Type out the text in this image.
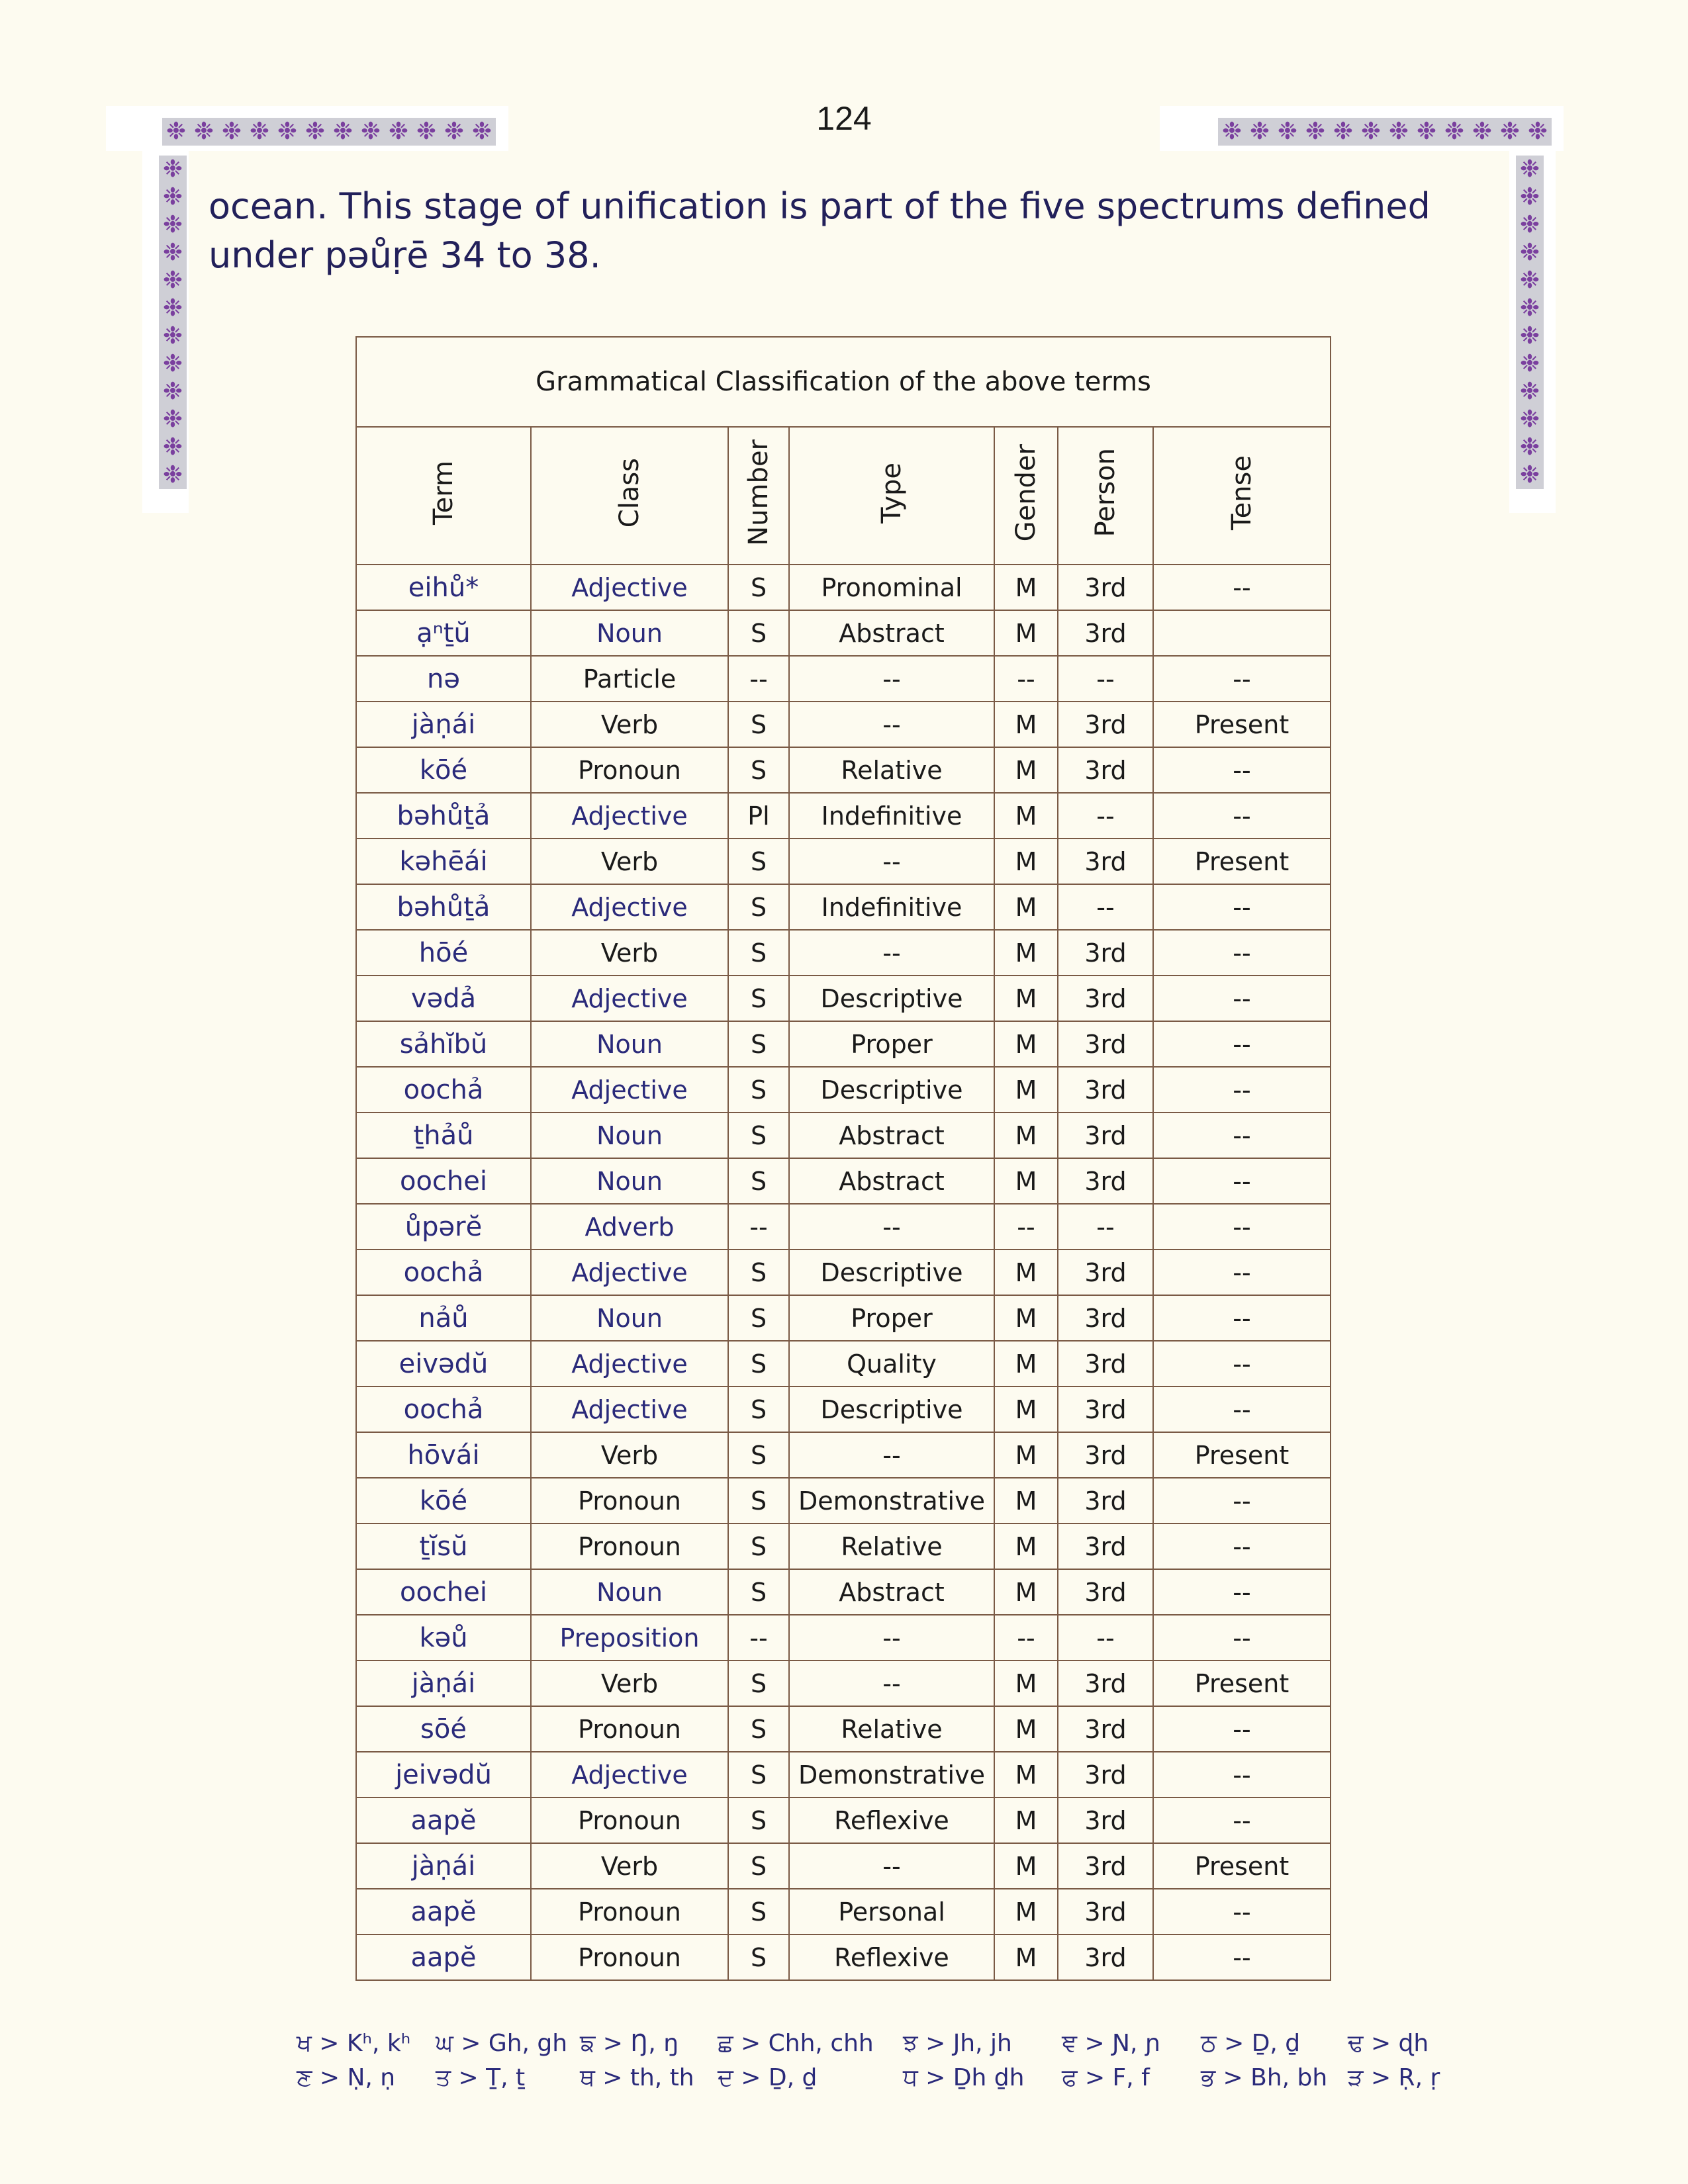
❉ ❉ ❉ ❉ ❉ ❉ ❉ ❉ ❉ ❉ ❉ ❉
❉
❉
❉
❉
❉
❉
❉
❉
❉
❉
❉
❉
❉ ❉ ❉ ❉ ❉ ❉ ❉ ❉ ❉ ❉ ❉ ❉
❉
❉
❉
❉
❉
❉
❉
❉
❉
❉
❉
❉
124
ocean. This stage of unification is part of the five spectrums defined under pəůṛē 34 to 38.
Grammatical Classification of the above terms						
Term	Class	Number	Type	Gender	Person	Tense
eihů*	Adjective	S	Pronominal	M	3rd	--
ạⁿṯŭ	Noun	S	Abstract	M	3rd	
nə	Particle	--	--	--	--	--
jàṇái	Verb	S	--	M	3rd	Present
kōé	Pronoun	S	Relative	M	3rd	--
bəhůṯả	Adjective	Pl	Indefinitive	M	--	--
kəhēái	Verb	S	--	M	3rd	Present
bəhůṯả	Adjective	S	Indefinitive	M	--	--
hōé	Verb	S	--	M	3rd	--
vədả	Adjective	S	Descriptive	M	3rd	--
sảhĭbŭ	Noun	S	Proper	M	3rd	--
oochả	Adjective	S	Descriptive	M	3rd	--
ṯhảů	Noun	S	Abstract	M	3rd	--
oochei	Noun	S	Abstract	M	3rd	--
ůpərĕ	Adverb	--	--	--	--	--
oochả	Adjective	S	Descriptive	M	3rd	--
nảů	Noun	S	Proper	M	3rd	--
eivədŭ	Adjective	S	Quality	M	3rd	--
oochả	Adjective	S	Descriptive	M	3rd	--
hōvái	Verb	S	--	M	3rd	Present
kōé	Pronoun	S	Demonstrative	M	3rd	--
ṯĭsŭ	Pronoun	S	Relative	M	3rd	--
oochei	Noun	S	Abstract	M	3rd	--
kəů	Preposition	--	--	--	--	--
jàṇái	Verb	S	--	M	3rd	Present
sōé	Pronoun	S	Relative	M	3rd	--
jeivədŭ	Adjective	S	Demonstrative	M	3rd	--
aapĕ	Pronoun	S	Reflexive	M	3rd	--
jàṇái	Verb	S	--	M	3rd	Present
aapĕ	Pronoun	S	Personal	M	3rd	--
aapĕ	Pronoun	S	Reflexive	M	3rd	--
ਖ > Kʰ, kʰ	ਘ > Gh, gh ਙ > Ŋ, ŋ	ਛ > Chh, chh	ਝ > Jh, jh	ਞ > Ɲ, ɲ	ਠ > Ḏ, ḏ	ਢ > ɖh
ਣ > Ṇ, ṇ	ਤ > Ṯ, ṯ	ਥ > th, th ਦ > Ḏ, ḏ	ਧ > Ḏh ḏh	ਫ > F, f	ਭ > Bh, bh ੜ > Ṛ, ṛ
